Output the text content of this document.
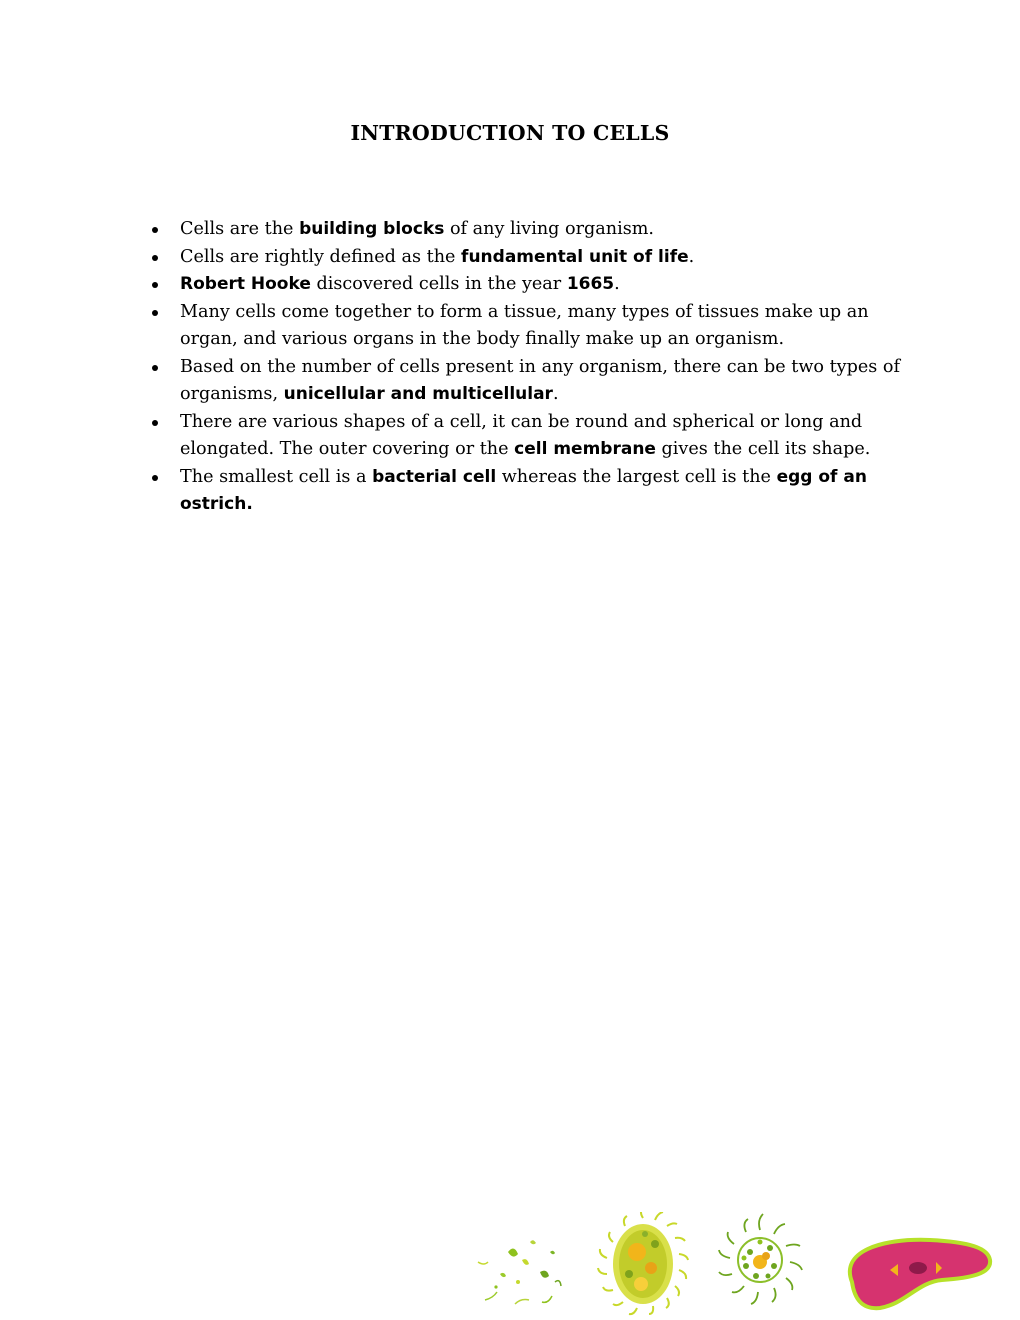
INTRODUCTION TO CELLS
Cells are the building blocks of any living organism.
Cells are rightly defined as the fundamental unit of life.
Robert Hooke discovered cells in the year 1665.
Many cells come together to form a tissue, many types of tissues make up an organ, and various organs in the body finally make up an organism.
Based on the number of cells present in any organism, there can be two types of organisms, unicellular and multicellular.
There are various shapes of a cell, it can be round and spherical or long and elongated. The outer covering or the cell membrane gives the cell its shape.
The smallest cell is a bacterial cell whereas the largest cell is the egg of an ostrich.
